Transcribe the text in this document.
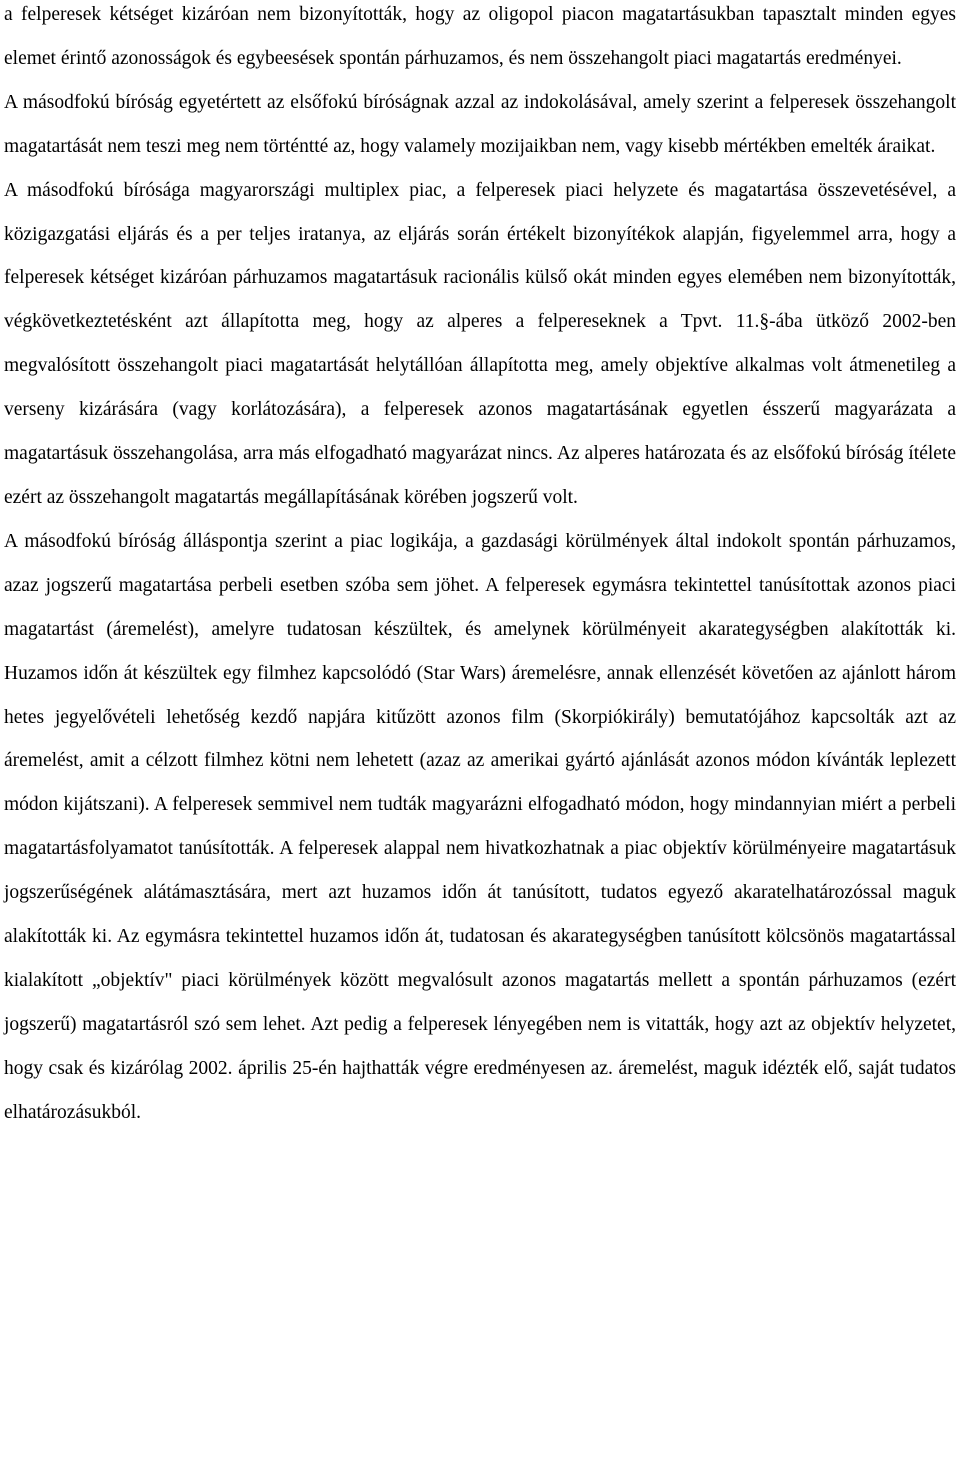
a felperesek kétséget kizáróan nem bizonyították, hogy az oligopol piacon magatartásukban tapasztalt minden egyes elemet érintő azonosságok és egybeesések spontán párhuzamos, és nem összehangolt piaci magatartás eredményei.

A másodfokú bíróság egyetértett az elsőfokú bíróságnak azzal az indokolásával, amely szerint a felperesek összehangolt magatartását nem teszi meg nem történtté az, hogy valamely mozijaikban nem, vagy kisebb mértékben emelték áraikat.

A másodfokú bírósága magyarországi multiplex piac, a felperesek piaci helyzete és magatartása összevetésével, a közigazgatási eljárás és a per teljes iratanya, az eljárás során értékelt bizonyítékok alapján, figyelemmel arra, hogy a felperesek kétséget kizáróan párhuzamos magatartásuk racionális külső okát minden egyes elemében nem bizonyították, végkövetkeztetésként azt állapította meg, hogy az alperes a felpereseknek a Tpvt. 11.§-ába ütköző 2002-ben megvalósított összehangolt piaci magatartását helytállóan állapította meg, amely objektíve alkalmas volt átmenetileg a verseny kizárására (vagy korlátozására), a felperesek azonos magatartásának egyetlen ésszerű magyarázata a magatartásuk összehangolása, arra más elfogadható magyarázat nincs. Az alperes határozata és az elsőfokú bíróság ítélete ezért az összehangolt magatartás megállapításának körében jogszerű volt.

A másodfokú bíróság álláspontja szerint a piac logikája, a gazdasági körülmények által indokolt spontán párhuzamos, azaz jogszerű magatartása perbeli esetben szóba sem jöhet. A felperesek egymásra tekintettel tanúsítottak azonos piaci magatartást (áremelést), amelyre tudatosan készültek, és amelynek körülményeit akarategységben alakították ki. Huzamos időn át készültek egy filmhez kapcsolódó (Star Wars) áremelésre, annak ellenzését követően az ajánlott három hetes jegyelővételi lehetőség kezdő napjára kitűzött azonos film (Skorpiókirály) bemutatójához kapcsolták azt az áremelést, amit a célzott filmhez kötni nem lehetett (azaz az amerikai gyártó ajánlását azonos módon kívánták leplezett módon kijátszani). A felperesek semmivel nem tudták magyarázni elfogadható módon, hogy mindannyian miért a perbeli magatartásfolyamatot tanúsították. A felperesek alappal nem hivatkozhatnak a piac objektív körülményeire magatartásuk jogszerűségének alátámasztására, mert azt huzamos időn át tanúsított, tudatos egyező akaratelhatározóssal maguk alakították ki. Az egymásra tekintettel huzamos időn át, tudatosan és akarategységben tanúsított kölcsönös magatartással kialakított „objektív" piaci körülmények között megvalósult azonos magatartás mellett a spontán párhuzamos (ezért jogszerű) magatartásról szó sem lehet. Azt pedig a felperesek lényegében nem is vitatták, hogy azt az objektív helyzetet, hogy csak és kizárólag 2002. április 25-én hajthatták végre eredményesen az. áremelést, maguk idézték elő, saját tudatos elhatározásukból.
